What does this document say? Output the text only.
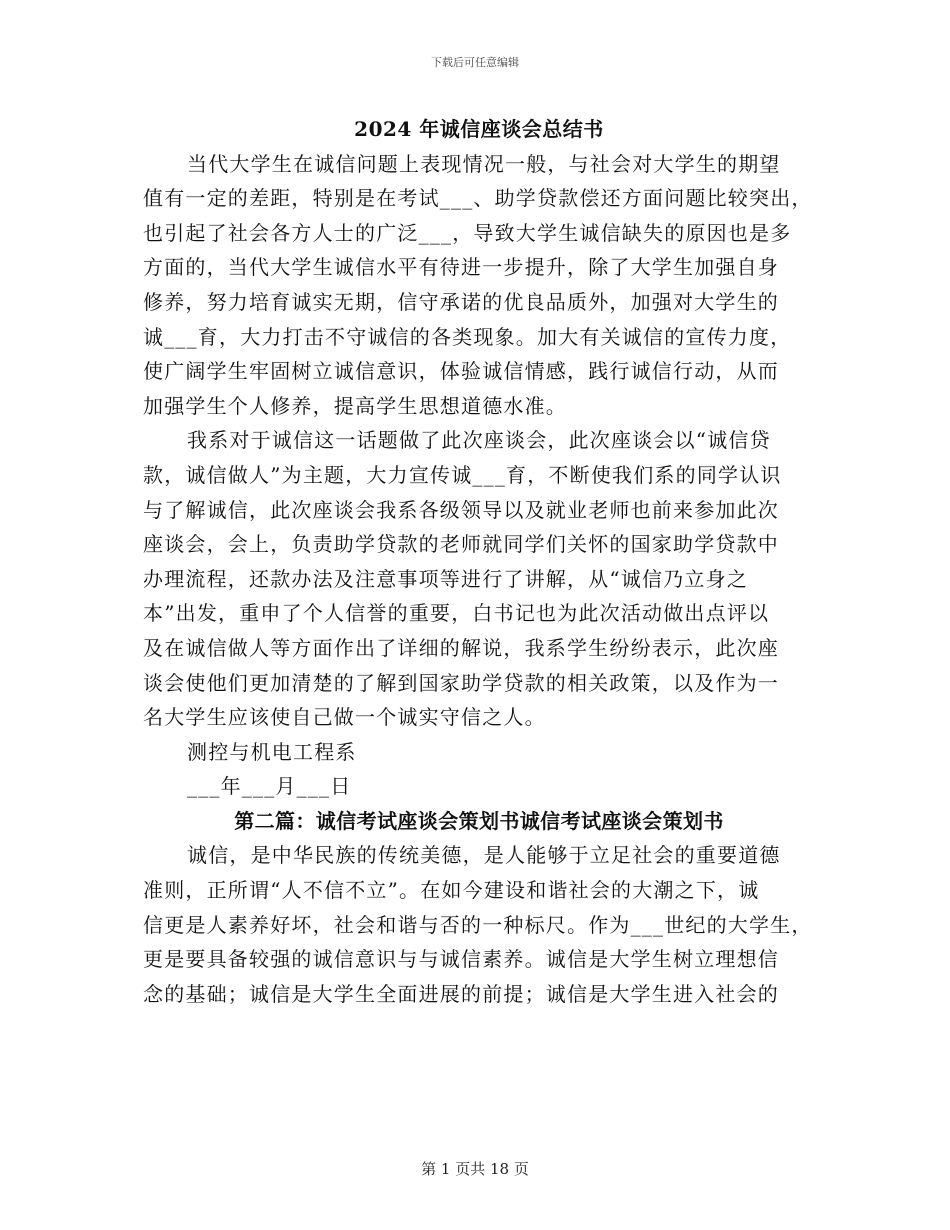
下载后可任意编辑
2024 年诚信座谈会总结书
当代大学生在诚信问题上表现情况一般，与社会对大学生的期望
值有一定的差距，特别是在考试___、助学贷款偿还方面问题比较突出，
也引起了社会各方人士的广泛___，导致大学生诚信缺失的原因也是多
方面的，当代大学生诚信水平有待进一步提升，除了大学生加强自身
修养，努力培育诚实无期，信守承诺的优良品质外，加强对大学生的
诚___育，大力打击不守诚信的各类现象。加大有关诚信的宣传力度，
使广阔学生牢固树立诚信意识，体验诚信情感，践行诚信行动，从而
加强学生个人修养，提高学生思想道德水准。
我系对于诚信这一话题做了此次座谈会，此次座谈会以“诚信贷
款，诚信做人”为主题，大力宣传诚___育，不断使我们系的同学认识
与了解诚信，此次座谈会我系各级领导以及就业老师也前来参加此次
座谈会，会上，负责助学贷款的老师就同学们关怀的国家助学贷款中
办理流程，还款办法及注意事项等进行了讲解，从“诚信乃立身之
本”出发，重申了个人信誉的重要，白书记也为此次活动做出点评以
及在诚信做人等方面作出了详细的解说，我系学生纷纷表示，此次座
谈会使他们更加清楚的了解到国家助学贷款的相关政策，以及作为一
名大学生应该使自己做一个诚实守信之人。
测控与机电工程系
___年___月___日
第二篇：诚信考试座谈会策划书诚信考试座谈会策划书
诚信，是中华民族的传统美德，是人能够于立足社会的重要道德
准则，正所谓“人不信不立”。在如今建设和谐社会的大潮之下，诚
信更是人素养好坏，社会和谐与否的一种标尺。作为___世纪的大学生，
更是要具备较强的诚信意识与与诚信素养。诚信是大学生树立理想信
念的基础；诚信是大学生全面进展的前提；诚信是大学生进入社会的
第 1 页共 18 页
